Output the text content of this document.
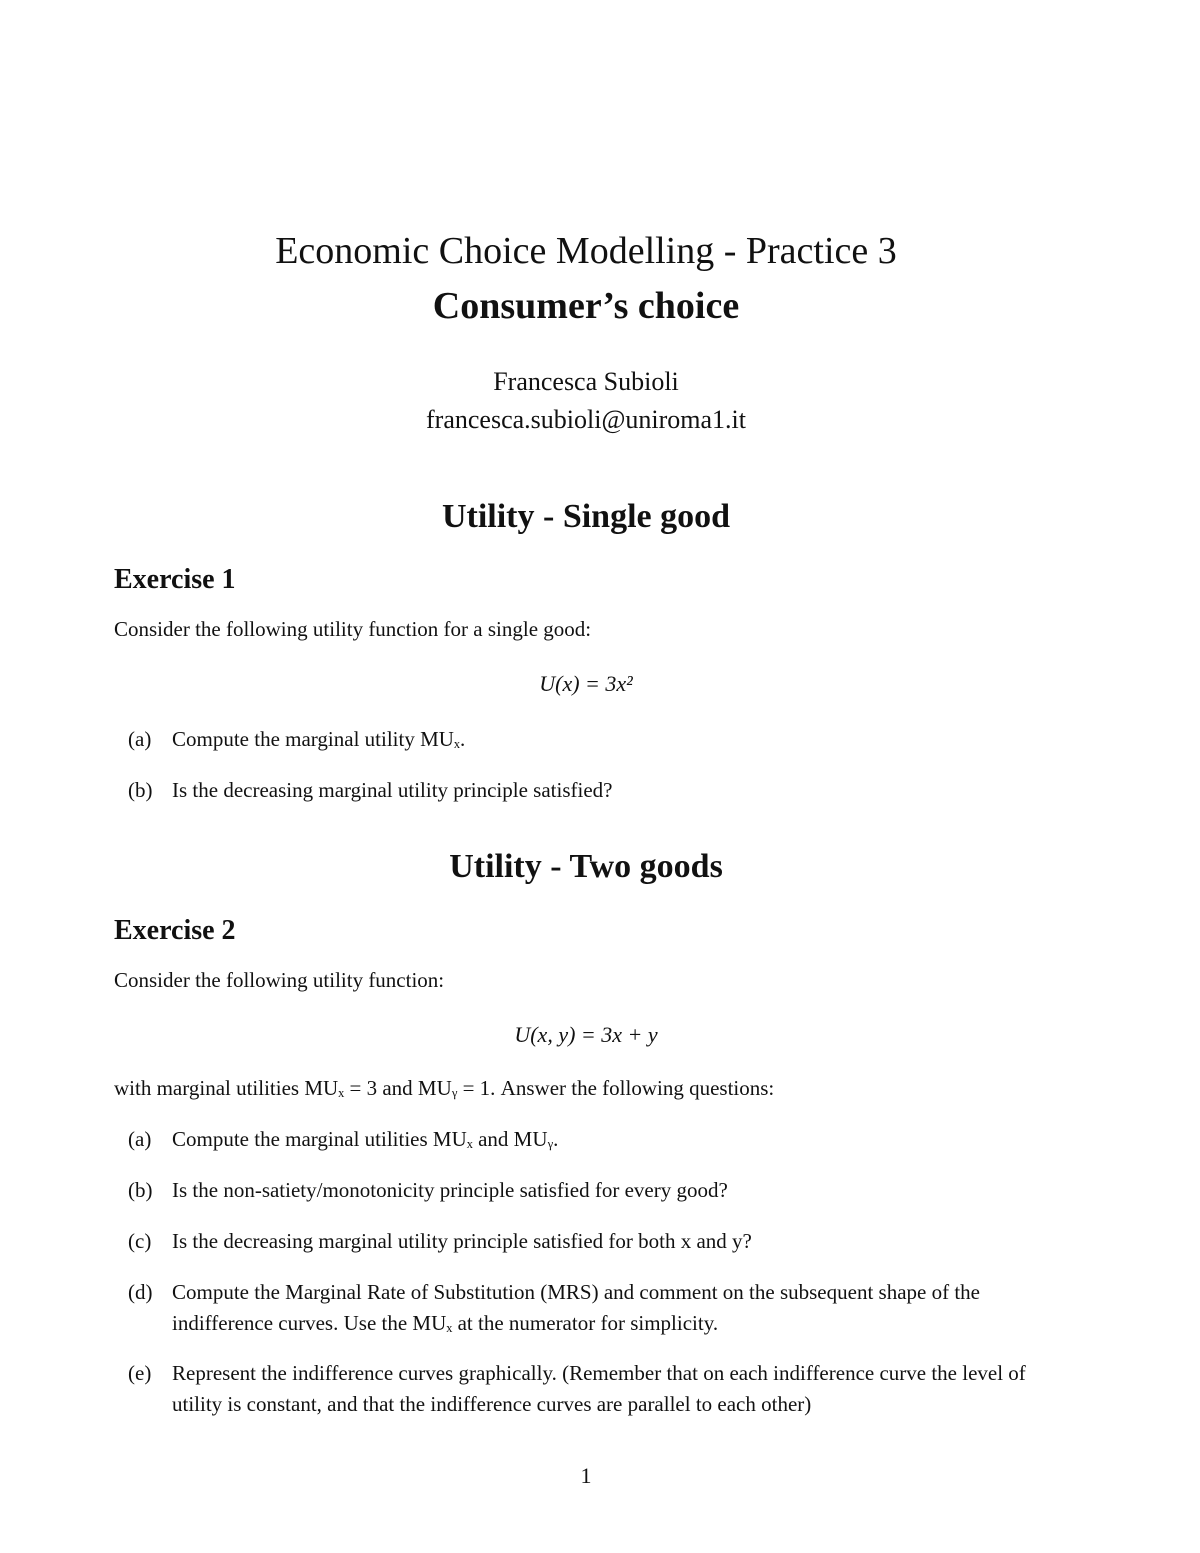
Economic Choice Modelling - Practice 3
Consumer’s choice
Francesca Subioli
francesca.subioli@uniroma1.it
Utility - Single good
Exercise 1
Consider the following utility function for a single good:
U(x) = 3x²
(a) Compute the marginal utility MUₓ.
(b) Is the decreasing marginal utility principle satisfied?
Utility - Two goods
Exercise 2
Consider the following utility function:
U(x, y) = 3x + y
with marginal utilities MUₓ = 3 and MUᵧ = 1. Answer the following questions:
(a) Compute the marginal utilities MUₓ and MUᵧ.
(b) Is the non-satiety/monotonicity principle satisfied for every good?
(c) Is the decreasing marginal utility principle satisfied for both x and y?
(d) Compute the Marginal Rate of Substitution (MRS) and comment on the subsequent shape of the indifference curves. Use the MUₓ at the numerator for simplicity.
(e) Represent the indifference curves graphically. (Remember that on each indifference curve the level of utility is constant, and that the indifference curves are parallel to each other)
1
